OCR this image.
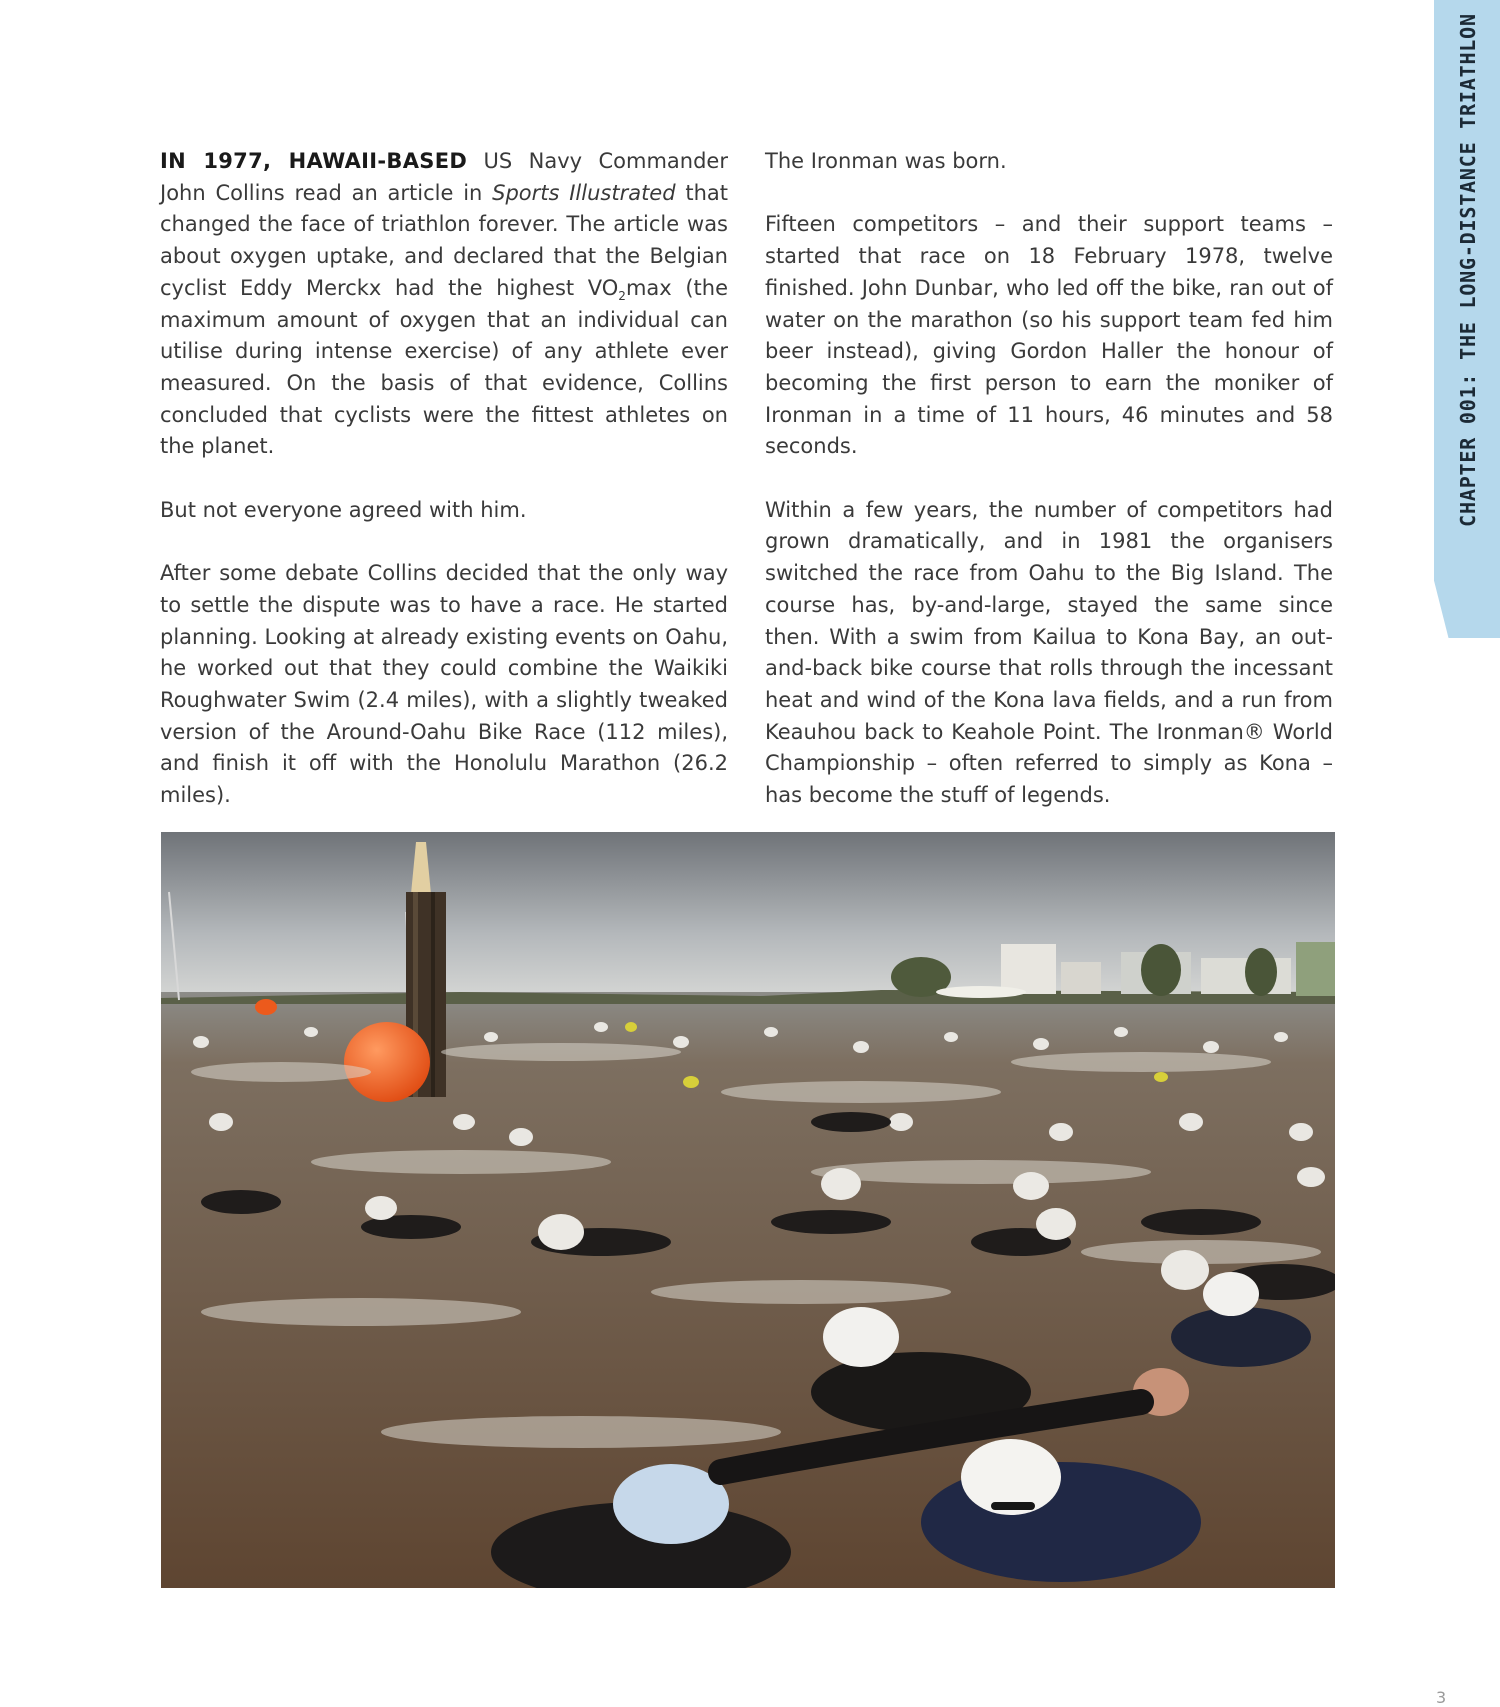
CHAPTER 001: THE LONG-DISTANCE TRIATHLON

IN 1977, HAWAII-BASED US Navy Commander John Collins read an article in Sports Illustrated that changed the face of triathlon forever. The article was about oxygen uptake, and declared that the Belgian cyclist Eddy Merckx had the highest $VO_2\max$ (the maximum amount of oxygen that an individual can utilise during intense exercise) of any athlete ever measured. On the basis of that evidence, Collins concluded that cyclists were the fittest athletes on the planet.

But not everyone agreed with him.

After some debate Collins decided that the only way to settle the dispute was to have a race. He started planning. Looking at already existing events on Oahu, he worked out that they could combine the Waikiki Roughwater Swim (2.4 miles), with a slightly tweaked version of the Around-Oahu Bike Race (112 miles), and finish it off with the Honolulu Marathon (26.2 miles).

The Ironman was born.

Fifteen competitors – and their support teams – started that race on 18 February 1978, twelve finished. John Dunbar, who led off the bike, ran out of water on the marathon (so his support team fed him beer instead), giving Gordon Haller the honour of becoming the first person to earn the moniker of Ironman in a time of 11 hours, 46 minutes and 58 seconds.

Within a few years, the number of competitors had grown dramatically, and in 1981 the organisers switched the race from Oahu to the Big Island. The course has, by-and-large, stayed the same since then. With a swim from Kailua to Kona Bay, an out-and-back bike course that rolls through the incessant heat and wind of the Kona lava fields, and a run from Keauhou back to Keahole Point. The Ironman® World Championship – often referred to simply as Kona – has become the stuff of legends.

3
